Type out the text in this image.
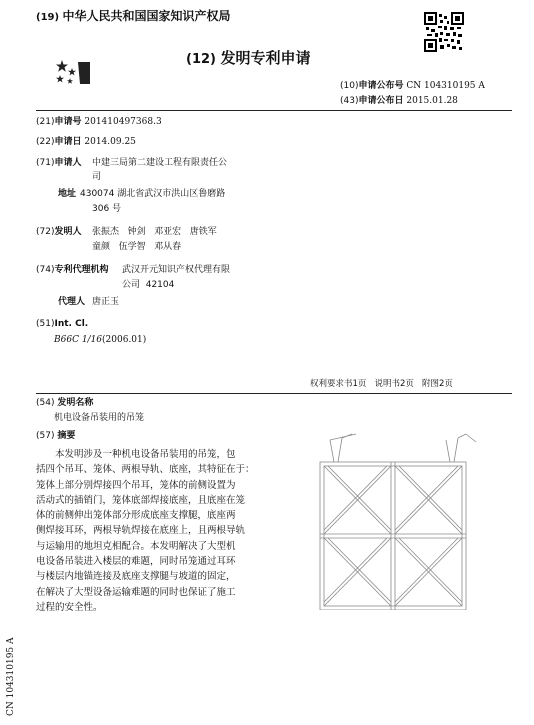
(19) 中华人民共和国国家知识产权局
(12) 发明专利申请
(10)申请公布号 CN 104310195 A
(43)申请公布日 2015.01.28
(21)申请号 201410497368.3
(22)申请日 2014.09.25
(71)申请人 中建三局第二建设工程有限责任公
司
地址 430074 湖北省武汉市洪山区鲁磨路
306 号
(72)发明人 张振杰   钟剑   邓亚宏   唐铁军
童颜   伍学智   邓从春
(74)专利代理机构 武汉开元知识产权代理有限
公司  42104
代理人 唐正玉
(51)Int. Cl.
B66C 1/16(2006.01)
权利要求书1页   说明书2页   附图2页
(54) 发明名称
机电设备吊装用的吊笼
(57) 摘要
本发明涉及一种机电设备吊装用的吊笼，包
括四个吊耳、笼体、两根导轨、底座，其特征在于：
笼体上部分别焊接四个吊耳，笼体的前侧设置为
活动式的插销门，笼体底部焊接底座，且底座在笼
体的前侧伸出笼体部分形成底座支撑腿，底座两
侧焊接耳环，两根导轨焊接在底座上，且两根导轨
与运输用的地坦克相配合。本发明解决了大型机
电设备吊装进入楼层的难题，同时吊笼通过耳环
与楼层内地锚连接及底座支撑腿与坡道的固定，
在解决了大型设备运输难题的同时也保证了施工
过程的安全性。
CN 104310195 A
